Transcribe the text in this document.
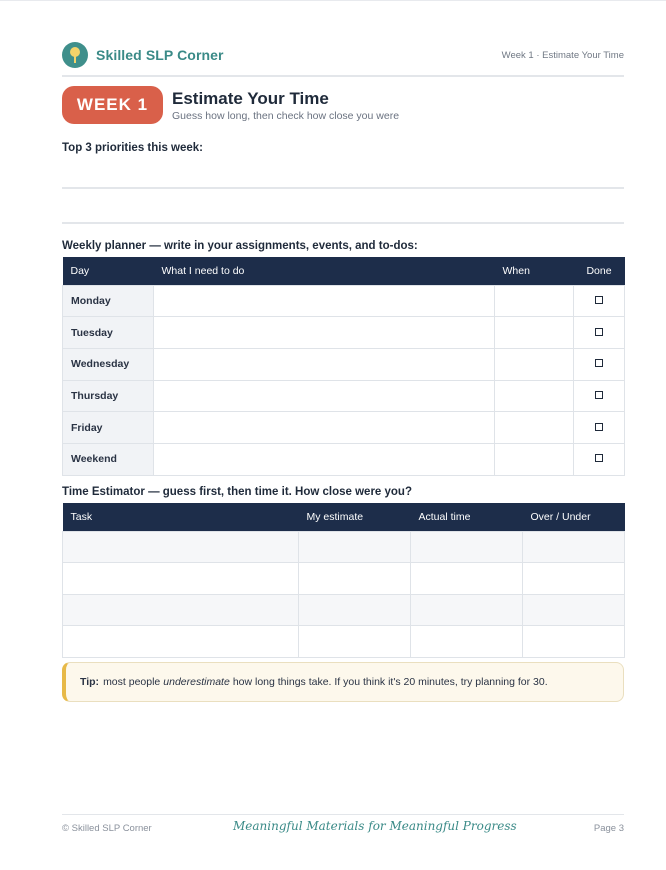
Skilled SLP Corner	Week 1 · Estimate Your Time
WEEK 1	Estimate Your Time
Guess how long, then check how close you were
Top 3 priorities this week:
Weekly planner — write in your assignments, events, and to-dos:
Day	What I need to do	When	Done
Monday			
Tuesday			
Wednesday			
Thursday			
Friday			
Weekend			
Time Estimator — guess first, then time it. How close were you?
Task	My estimate	Actual time	Over / Under

Tip: most people underestimate how long things take. If you think it's 20 minutes, try planning for 30.
© Skilled SLP Corner	Meaningful Materials for Meaningful Progress	Page 3
